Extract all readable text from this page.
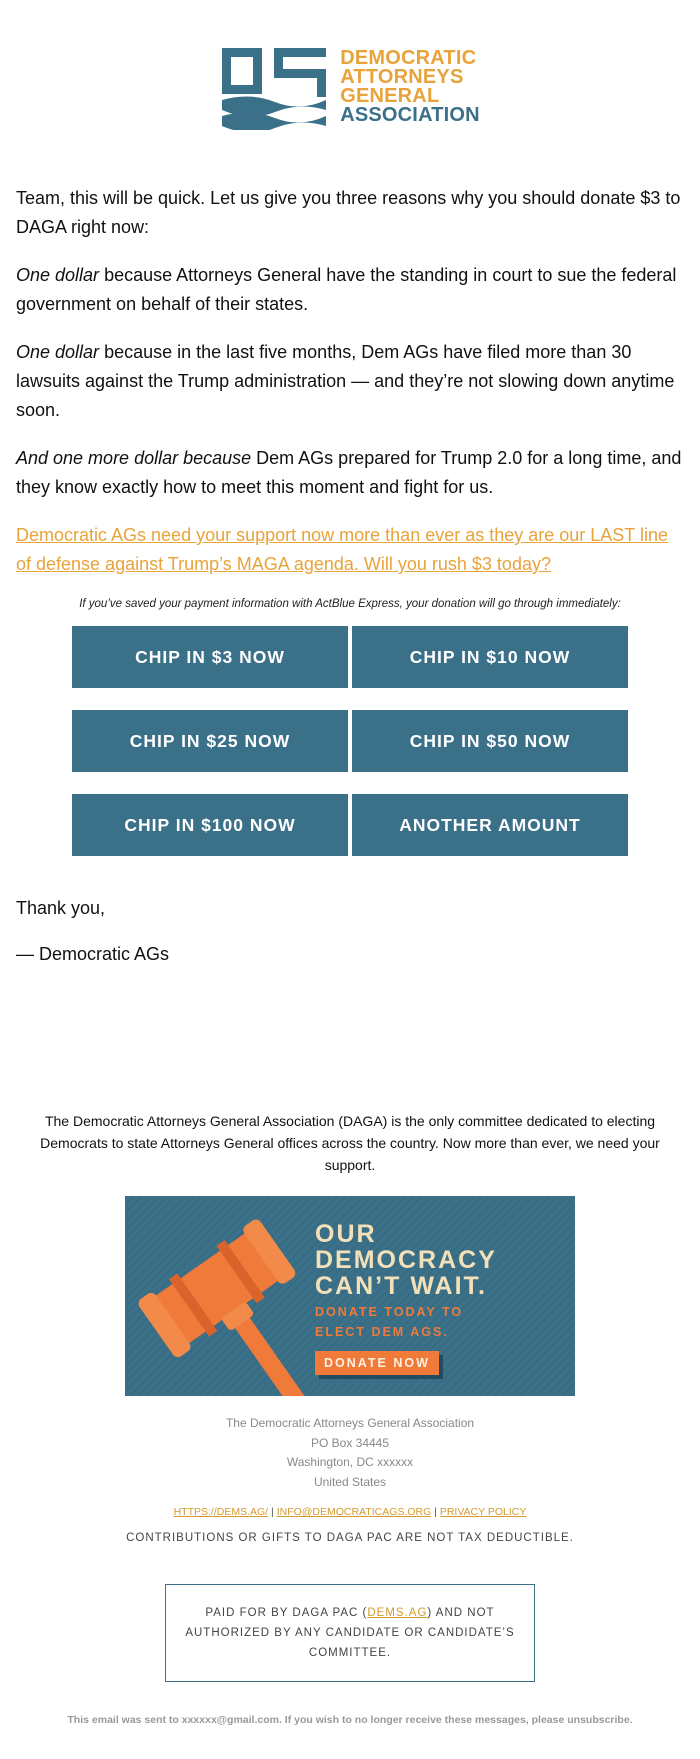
DEMOCRATIC
ATTORNEYS
GENERAL
ASSOCIATION

Team, this will be quick. Let us give you three reasons why you should donate $3 to DAGA right now:

One dollar because Attorneys General have the standing in court to sue the federal government on behalf of their states.

One dollar because in the last five months, Dem AGs have filed more than 30 lawsuits against the Trump administration — and they’re not slowing down anytime soon.

And one more dollar because Dem AGs prepared for Trump 2.0 for a long time, and they know exactly how to meet this moment and fight for us.

Democratic AGs need your support now more than ever as they are our LAST line of defense against Trump’s MAGA agenda. Will you rush $3 today?

If you’ve saved your payment information with ActBlue Express, your donation will go through immediately:
CHIP IN $3 NOW	CHIP IN $10 NOW
CHIP IN $25 NOW	CHIP IN $50 NOW
CHIP IN $100 NOW	ANOTHER AMOUNT

Thank you,

— Democratic AGs

The Democratic Attorneys General Association (DAGA) is the only committee dedicated to electing Democrats to state Attorneys General offices across the country. Now more than ever, we need your support.
OUR
DEMOCRACY
CAN’T WAIT.
DONATE TODAY TO
ELECT DEM AGS.
DONATE NOW
The Democratic Attorneys General Association
PO Box 34445
Washington, DC xxxxxx
United States
HTTPS://DEMS.AG/ | INFO@DEMOCRATICAGS.ORG | PRIVACY POLICY
CONTRIBUTIONS OR GIFTS TO DAGA PAC ARE NOT TAX DEDUCTIBLE.
PAID FOR BY DAGA PAC (DEMS.AG) AND NOT AUTHORIZED BY ANY CANDIDATE OR CANDIDATE’S COMMITTEE.
This email was sent to xxxxxx@gmail.com. If you wish to no longer receive these messages, please unsubscribe.
